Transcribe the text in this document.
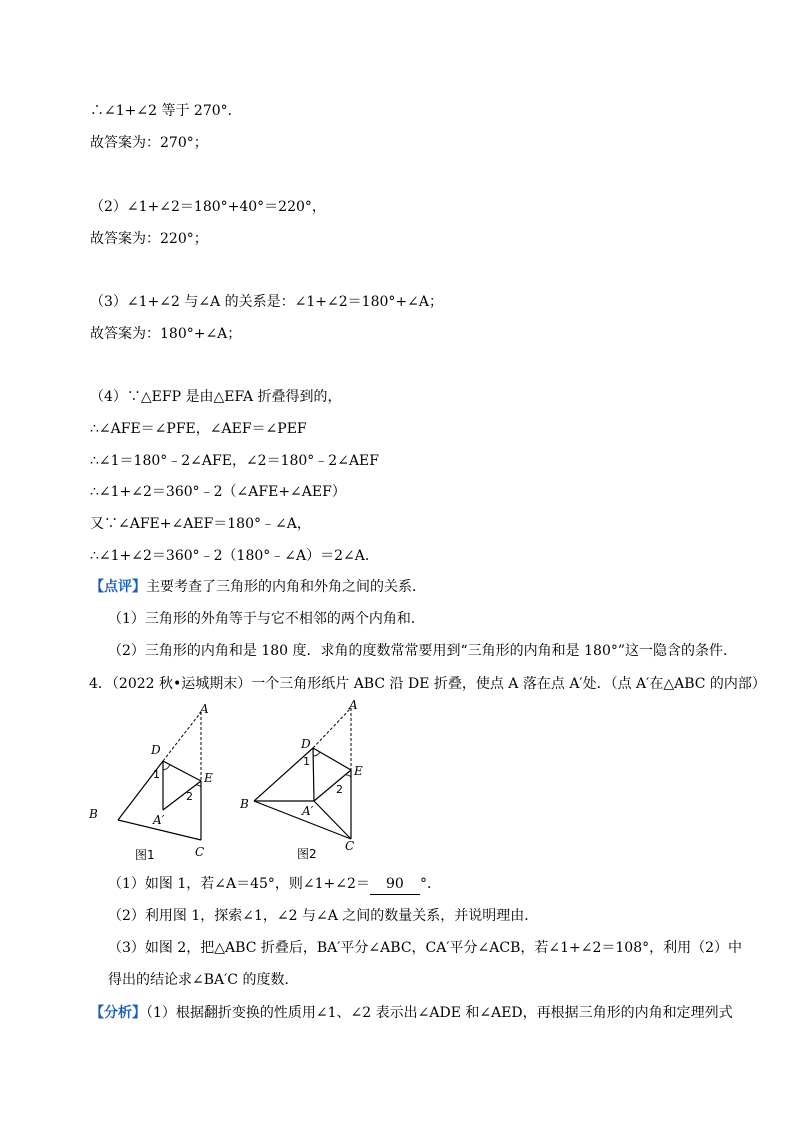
∴∠1+∠2 等于 270°．
故答案为：270°；
（2）∠1+∠2＝180°+40°＝220°，
故答案为：220°；
（3）∠1+∠2 与∠A 的关系是：∠1+∠2＝180°+∠A；
故答案为：180°+∠A；
（4）∵△EFP 是由△EFA 折叠得到的，
∴∠AFE＝∠PFE，∠AEF＝∠PEF
∴∠1＝180°﹣2∠AFE，∠2＝180°﹣2∠AEF
∴∠1+∠2＝360°﹣2（∠AFE+∠AEF）
又∵∠AFE+∠AEF＝180°﹣∠A，
∴∠1+∠2＝360°﹣2（180°﹣∠A）＝2∠A．
【点评】主要考查了三角形的内角和外角之间的关系．
（1）三角形的外角等于与它不相邻的两个内角和．
（2）三角形的内角和是 180 度．求角的度数常常要用到“三角形的内角和是 180°”这一隐含的条件．
4．（2022 秋•运城期末）一个三角形纸片 ABC 沿 DE 折叠，使点 A 落在点 A′处．（点 A′在△ABC 的内部）
A
D
E
B	A′
C
1
2
图1
A
D
E
B	A′
C
1
2
图2
（1）如图 1，若∠A＝45°，则∠1+∠2＝ 90 °．
（2）利用图 1，探索∠1，∠2 与∠A 之间的数量关系，并说明理由．
（3）如图 2，把△ABC 折叠后，BA′平分∠ABC，CA′平分∠ACB，若∠1+∠2＝108°，利用（2）中
得出的结论求∠BA′C 的度数．
【分析】（1）根据翻折变换的性质用∠1、∠2 表示出∠ADE 和∠AED，再根据三角形的内角和定理列式
